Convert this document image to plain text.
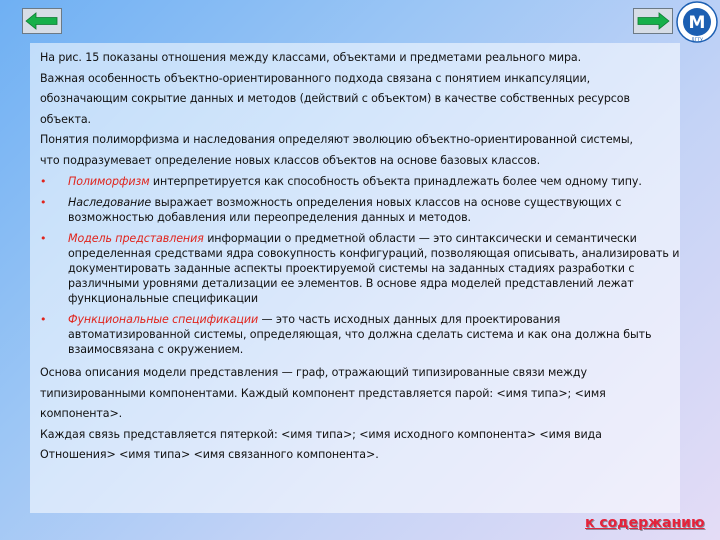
М
ДГТУ

На рис. 15 показаны отношения между классами, объектами и предметами реального мира.

Важная особенность объектно-ориентированного подхода связана с понятием инкапсуляции,

обозначающим сокрытие данных и методов (действий с объектом) в качестве собственных ресурсов

объекта.

Понятия полиморфизма и наследования определяют эволюцию объектно-ориентированной системы,

что подразумевает определение новых классов объектов на основе базовых классов.

• Полиморфизм интерпретируется как способность объекта принадлежать более чем одному типу.
• Наследование выражает возможность определения новых классов на основе существующих с возможностью добавления или переопределения данных и методов.
• Модель представления информации о предметной области — это синтаксически и семантически определенная средствами ядра совокупность конфигураций, позволяющая описывать, анализировать и документировать заданные аспекты проектируемой системы на заданных стадиях разработки с различными уровнями детализации ее элементов. В основе ядра моделей представлений лежат функциональные спецификации
• Функциональные спецификации — это часть исходных данных для проектирования автоматизированной системы, определяющая, что должна сделать система и как она должна быть взаимосвязана с окружением.

Основа описания модели представления — граф, отражающий типизированные связи между

типизированными компонентами. Каждый компонент представляется парой: <имя типа>; <имя

компонента>.

Каждая связь представляется пятеркой: <имя типа>; <имя исходного компонента> <имя вида

Отношения> <имя типа> <имя связанного компонента>.

к содержанию
